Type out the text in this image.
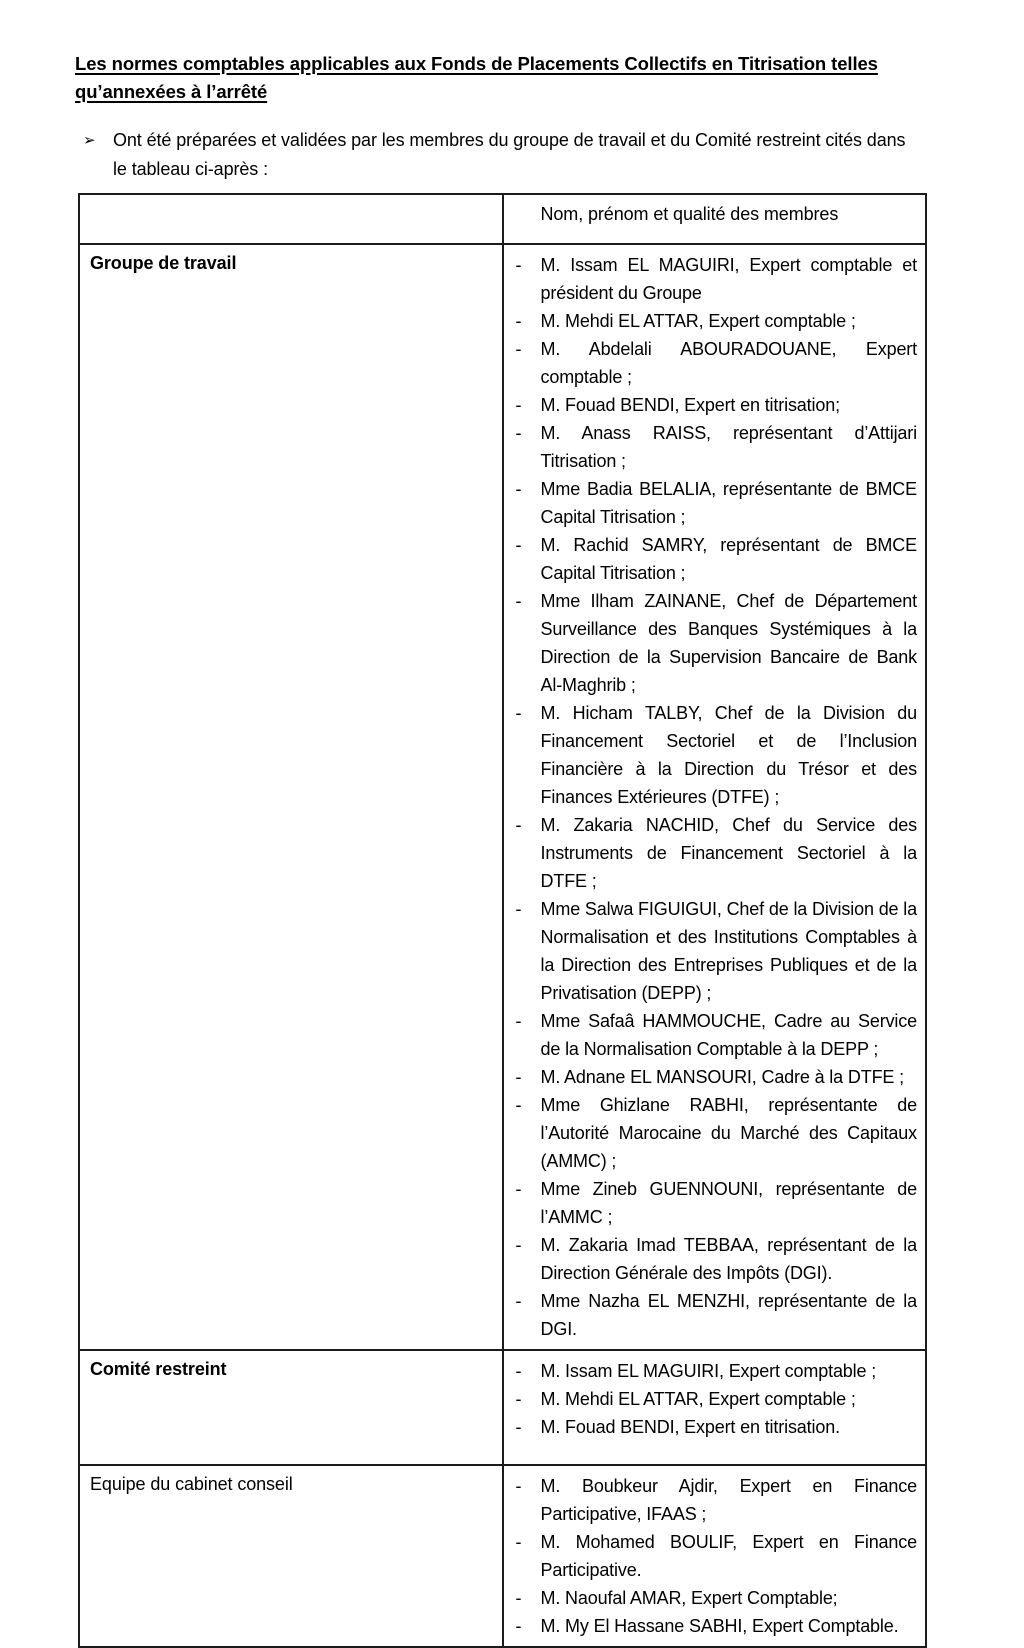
Les normes comptables applicables aux Fonds de Placements Collectifs en Titrisation telles qu’annexées à l’arrêté
➢ Ont été préparées et validées par les membres du groupe de travail et du Comité restreint cités dans le tableau ci-après :

	Nom, prénom et qualité des membres
Groupe de travail	
-M. Issam EL MAGUIRI, Expert comptable et président du Groupe
- M. Mehdi EL ATTAR, Expert comptable ;
- M. Abdelali ABOURADOUANE, Expert comptable ;
- M. Fouad BENDI, Expert en titrisation;
- M. Anass RAISS, représentant d’Attijari Titrisation ;
- Mme Badia BELALIA, représentante de BMCE Capital Titrisation ;
- M. Rachid SAMRY, représentant de BMCE Capital Titrisation ;
- Mme Ilham ZAINANE, Chef de Département Surveillance des Banques Systémiques à la Direction de la Supervision Bancaire de Bank Al-Maghrib ;
- M. Hicham TALBY, Chef de la Division du Financement Sectoriel et de l’Inclusion Financière à la Direction du Trésor et des Finances Extérieures (DTFE) ;
- M. Zakaria NACHID, Chef du Service des Instruments de Financement Sectoriel à la DTFE ;
- Mme Salwa FIGUIGUI, Chef de la Division de la Normalisation et des Institutions Comptables à la Direction des Entreprises Publiques et de la Privatisation (DEPP) ;
- Mme Safaâ HAMMOUCHE, Cadre au Service de la Normalisation Comptable à la DEPP ;
- M. Adnane EL MANSOURI, Cadre à la DTFE ;
- Mme Ghizlane RABHI, représentante de l’Autorité Marocaine du Marché des Capitaux (AMMC) ;
- Mme Zineb GUENNOUNI, représentante de l’AMMC ;
- M. Zakaria Imad TEBBAA, représentant de la Direction Générale des Impôts (DGI).
- Mme Nazha EL MENZHI, représentante de la DGI.

Comité restreint	
-M. Issam EL MAGUIRI, Expert comptable ;
- M. Mehdi EL ATTAR, Expert comptable ;
- M. Fouad BENDI, Expert en titrisation.

Equipe du cabinet conseil	
-M. Boubkeur Ajdir, Expert en Finance Participative, IFAAS ;
- M. Mohamed BOULIF, Expert en Finance Participative.
- M. Naoufal AMAR, Expert Comptable;
- M. My El Hassane SABHI, Expert Comptable.
